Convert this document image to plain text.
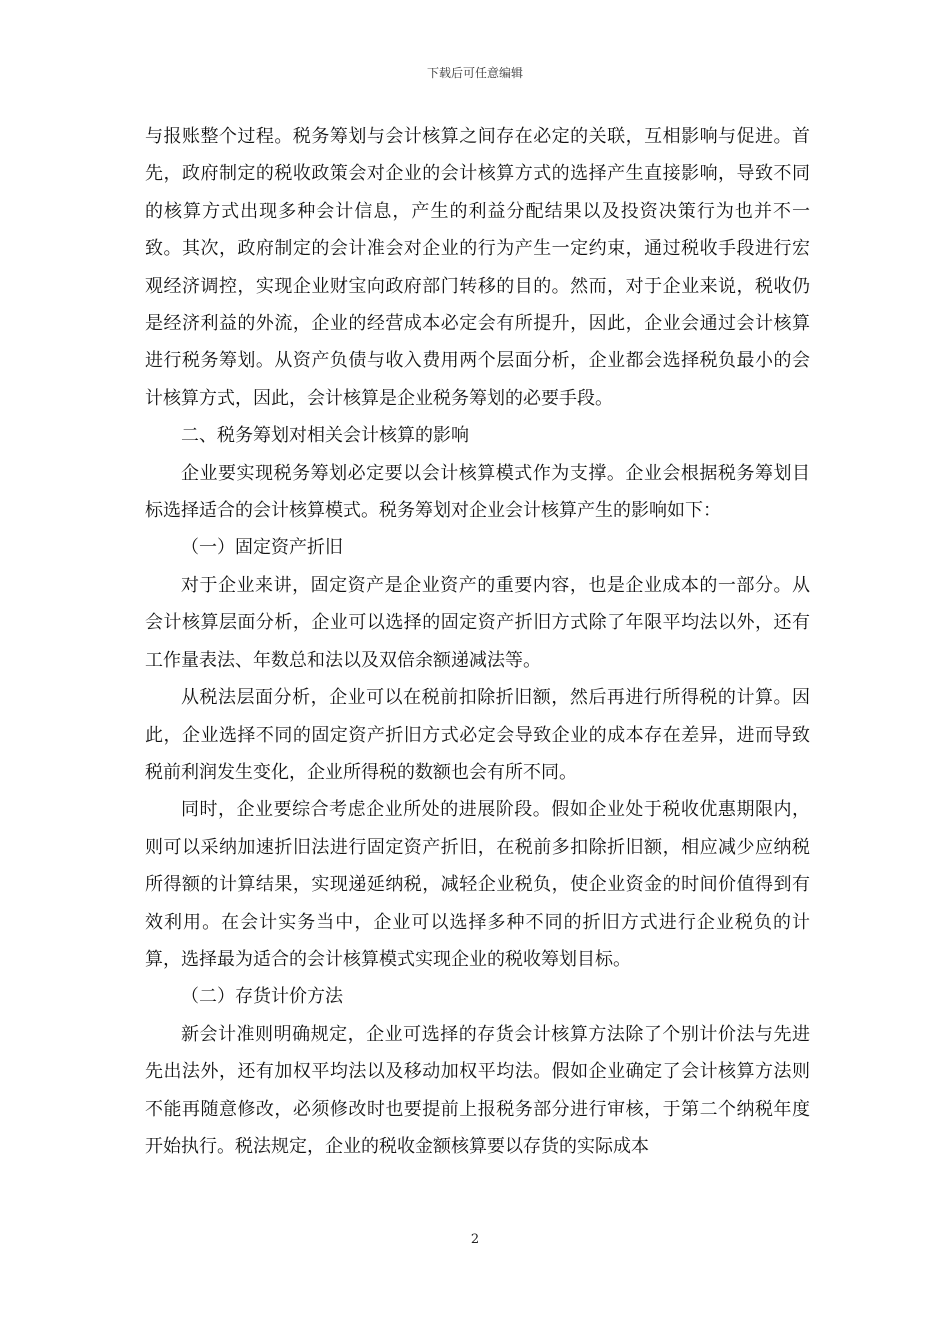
下载后可任意编辑

与报账整个过程。税务筹划与会计核算之间存在必定的关联，互相影响与促进。首先，政府制定的税收政策会对企业的会计核算方式的选择产生直接影响，导致不同的核算方式出现多种会计信息，产生的利益分配结果以及投资决策行为也并不一致。其次，政府制定的会计准会对企业的行为产生一定约束，通过税收手段进行宏观经济调控，实现企业财宝向政府部门转移的目的。然而，对于企业来说，税收仍是经济利益的外流，企业的经营成本必定会有所提升，因此，企业会通过会计核算进行税务筹划。从资产负债与收入费用两个层面分析，企业都会选择税负最小的会计核算方式，因此，会计核算是企业税务筹划的必要手段。

二、税务筹划对相关会计核算的影响

企业要实现税务筹划必定要以会计核算模式作为支撑。企业会根据税务筹划目标选择适合的会计核算模式。税务筹划对企业会计核算产生的影响如下：

（一）固定资产折旧

对于企业来讲，固定资产是企业资产的重要内容，也是企业成本的一部分。从会计核算层面分析，企业可以选择的固定资产折旧方式除了年限平均法以外，还有工作量表法、年数总和法以及双倍余额递减法等。

从税法层面分析，企业可以在税前扣除折旧额，然后再进行所得税的计算。因此，企业选择不同的固定资产折旧方式必定会导致企业的成本存在差异，进而导致税前利润发生变化，企业所得税的数额也会有所不同。

同时，企业要综合考虑企业所处的进展阶段。假如企业处于税收优惠期限内，则可以采纳加速折旧法进行固定资产折旧，在税前多扣除折旧额，相应减少应纳税所得额的计算结果，实现递延纳税，减轻企业税负，使企业资金的时间价值得到有效利用。在会计实务当中，企业可以选择多种不同的折旧方式进行企业税负的计算，选择最为适合的会计核算模式实现企业的税收筹划目标。

（二）存货计价方法

新会计准则明确规定，企业可选择的存货会计核算方法除了个别计价法与先进先出法外，还有加权平均法以及移动加权平均法。假如企业确定了会计核算方法则不能再随意修改，必须修改时也要提前上报税务部分进行审核，于第二个纳税年度开始执行。税法规定，企业的税收金额核算要以存货的实际成本

2
